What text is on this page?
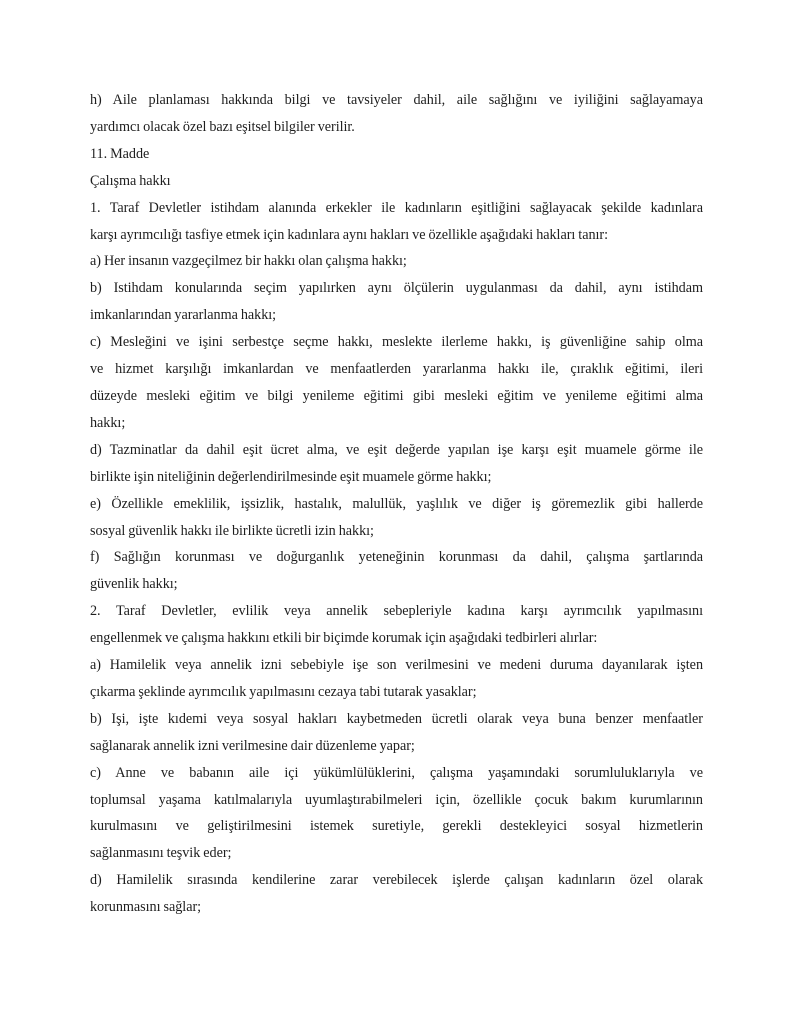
h) Aile planlaması hakkında bilgi ve tavsiyeler dahil, aile sağlığını ve iyiliğini sağlayamaya
yardımcı olacak özel bazı eşitsel bilgiler verilir.
11. Madde
Çalışma hakkı
1. Taraf Devletler istihdam alanında erkekler ile kadınların eşitliğini sağlayacak şekilde kadınlara
karşı ayrımcılığı tasfiye etmek için kadınlara aynı hakları ve özellikle aşağıdaki hakları tanır:
a) Her insanın vazgeçilmez bir hakkı olan çalışma hakkı;
b) Istihdam konularında seçim yapılırken aynı ölçülerin uygulanması da dahil, aynı istihdam
imkanlarından yararlanma hakkı;
c) Mesleğini ve işini serbestçe seçme hakkı, meslekte ilerleme hakkı, iş güvenliğine sahip olma
ve hizmet karşılığı imkanlardan ve menfaatlerden yararlanma hakkı ile, çıraklık eğitimi, ileri
düzeyde mesleki eğitim ve bilgi yenileme eğitimi gibi mesleki eğitim ve yenileme eğitimi alma
hakkı;
d) Tazminatlar da dahil eşit ücret alma, ve eşit değerde yapılan işe karşı eşit muamele görme ile
birlikte işin niteliğinin değerlendirilmesinde eşit muamele görme hakkı;
e) Özellikle emeklilik, işsizlik, hastalık, malullük, yaşlılık ve diğer iş göremezlik gibi hallerde
sosyal güvenlik hakkı ile birlikte ücretli izin hakkı;
f) Sağlığın korunması ve doğurganlık yeteneğinin korunması da dahil, çalışma şartlarında
güvenlik hakkı;
2. Taraf Devletler, evlilik veya annelik sebepleriyle kadına karşı ayrımcılık yapılmasını
engellenmek ve çalışma hakkını etkili bir biçimde korumak için aşağıdaki tedbirleri alırlar:
a) Hamilelik veya annelik izni sebebiyle işe son verilmesini ve medeni duruma dayanılarak işten
çıkarma şeklinde ayrımcılık yapılmasını cezaya tabi tutarak yasaklar;
b) Işi, işte kıdemi veya sosyal hakları kaybetmeden ücretli olarak veya buna benzer menfaatler
sağlanarak annelik izni verilmesine dair düzenleme yapar;
c) Anne ve babanın aile içi yükümlülüklerini, çalışma yaşamındaki sorumluluklarıyla ve
toplumsal yaşama katılmalarıyla uyumlaştırabilmeleri için, özellikle çocuk bakım kurumlarının
kurulmasını ve geliştirilmesini istemek suretiyle, gerekli destekleyici sosyal hizmetlerin
sağlanmasını teşvik eder;
d) Hamilelik sırasında kendilerine zarar verebilecek işlerde çalışan kadınların özel olarak
korunmasını sağlar;
